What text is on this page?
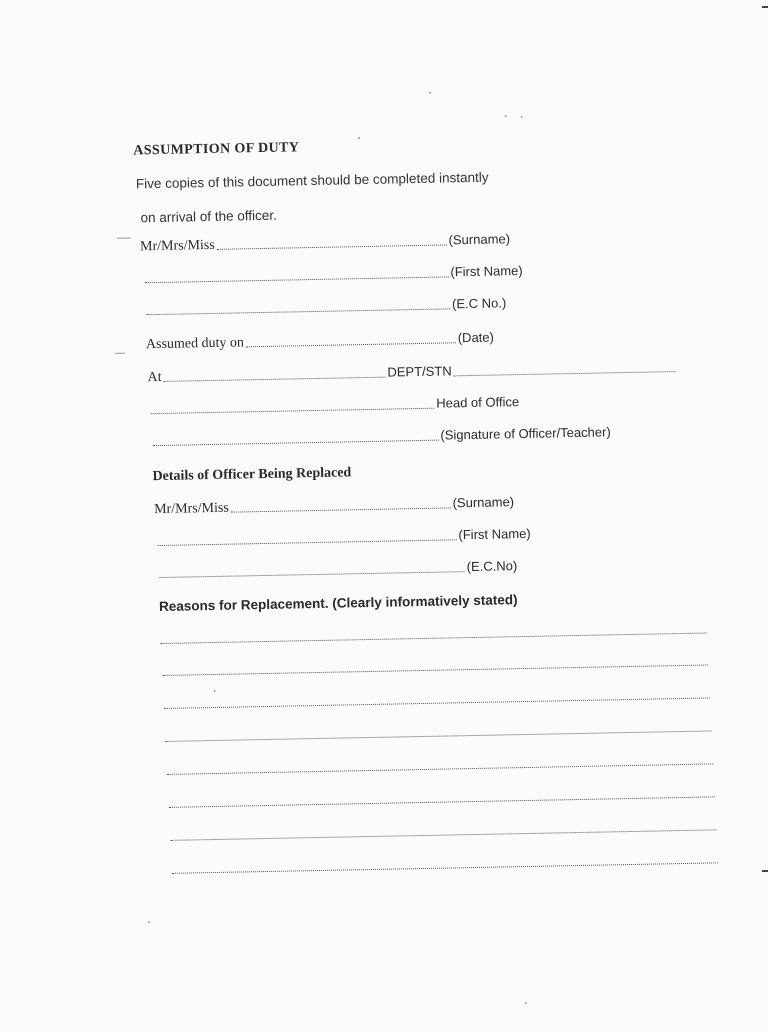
ASSUMPTION OF DUTY
Five copies of this document should be completed instantly
on arrival of the officer.
Mr/Mrs/Miss	(Surname)
(First Name)
(E.C No.)
Assumed duty on	(Date)
At	DEPT/STN
Head of Office
(Signature of Officer/Teacher)
Details of Officer Being Replaced
Mr/Mrs/Miss	(Surname)
(First Name)
(E.C.No)
Reasons for Replacement. (Clearly informatively stated)
